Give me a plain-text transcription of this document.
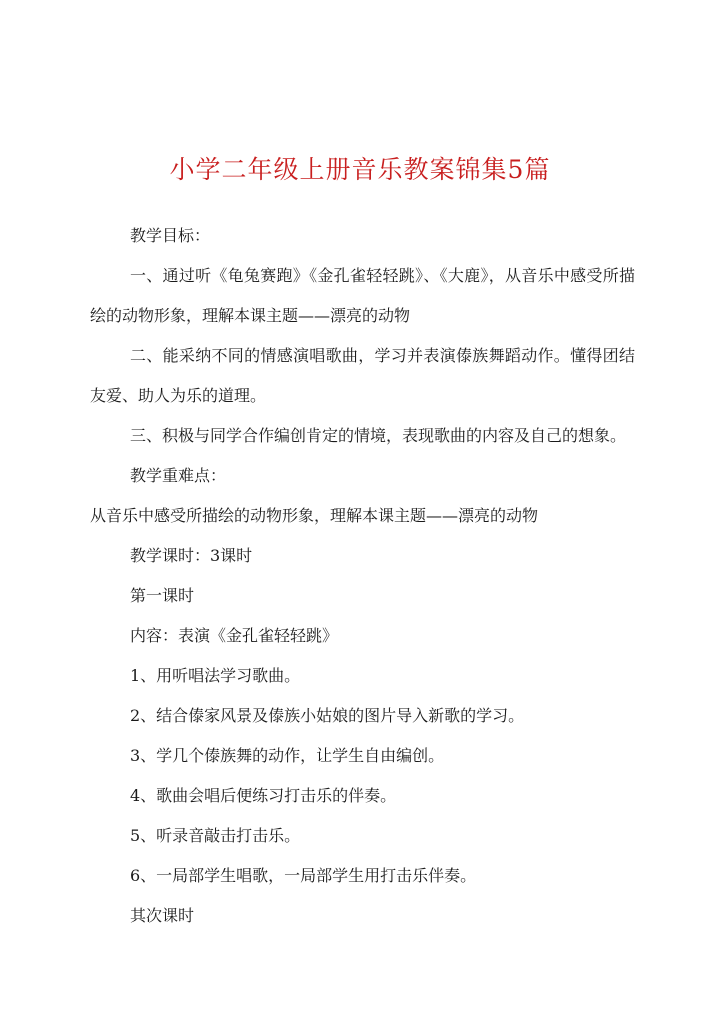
小学二年级上册音乐教案锦集5篇

教学目标：

一、通过听《龟兔赛跑》《金孔雀轻轻跳》、《大鹿》，从音乐中感受所描绘的动物形象，理解本课主题——漂亮的动物

二、能采纳不同的情感演唱歌曲，学习并表演傣族舞蹈动作。懂得团结友爱、助人为乐的道理。

三、积极与同学合作编创肯定的情境，表现歌曲的内容及自己的想象。

教学重难点：

从音乐中感受所描绘的动物形象，理解本课主题——漂亮的动物

教学课时：3课时

第一课时

内容：表演《金孔雀轻轻跳》

1、用听唱法学习歌曲。

2、结合傣家风景及傣族小姑娘的图片导入新歌的学习。

3、学几个傣族舞的动作，让学生自由编创。

4、歌曲会唱后便练习打击乐的伴奏。

5、听录音敲击打击乐。

6、一局部学生唱歌，一局部学生用打击乐伴奏。

其次课时
